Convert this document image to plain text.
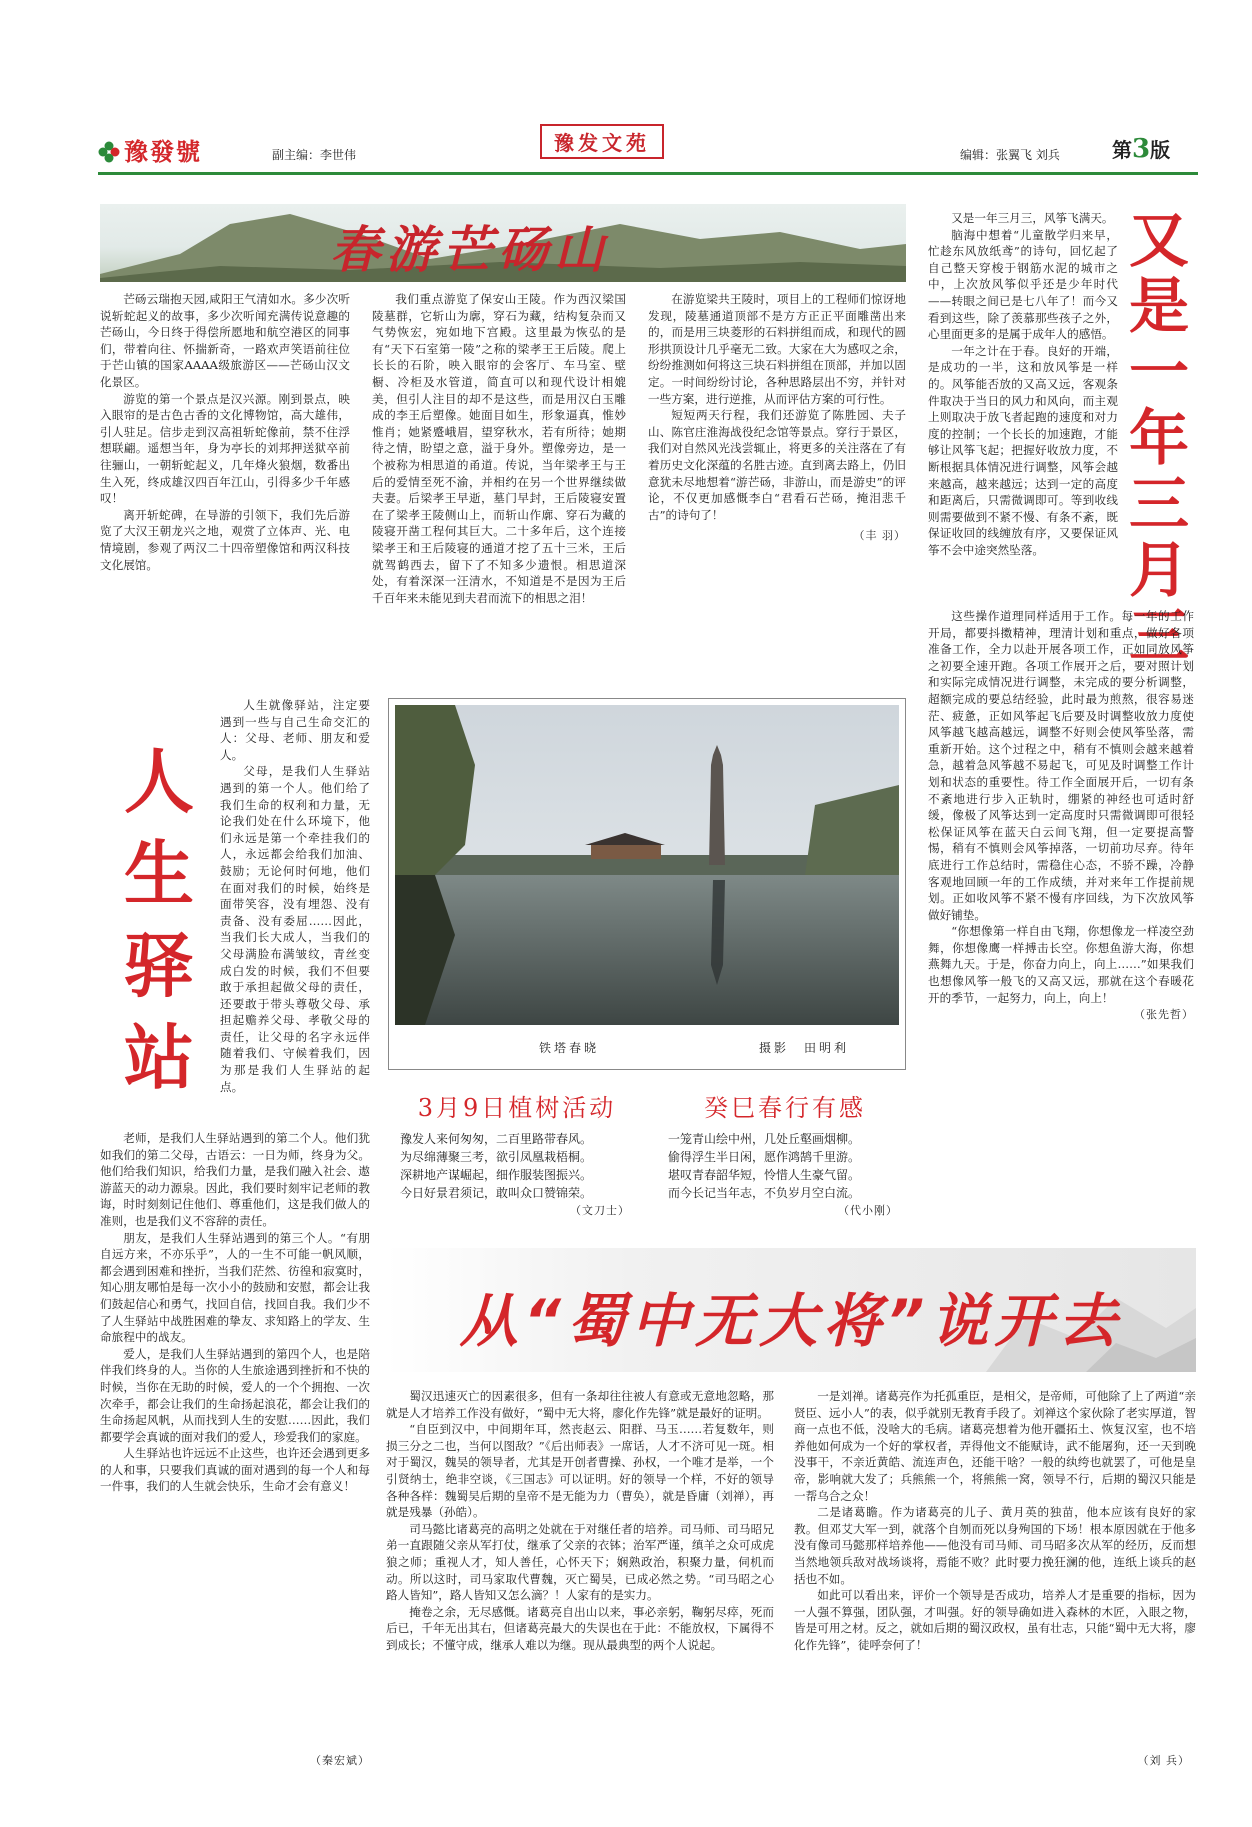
豫發號	副主编：李世伟	豫发文苑	编辑：张翼飞 刘兵	第3版
春游芒砀山

芒砀云瑞抱天园,咸阳王气清如水。多少次听说斩蛇起义的故事，多少次听闻充满传说意趣的芒砀山，今日终于得偿所愿地和航空港区的同事们，带着向往、怀揣新奇，一路欢声笑语前往位于芒山镇的国家AAAA级旅游区——芒砀山汉文化景区。

游览的第一个景点是汉兴源。刚到景点，映入眼帘的是古色古香的文化博物馆，高大雄伟，引人驻足。信步走到汉高祖斩蛇像前，禁不住浮想联翩。遥想当年，身为亭长的刘邦押送狱卒前往骊山，一朝斩蛇起义，几年烽火狼烟，数番出生入死，终成雄汉四百年江山，引得多少千年感叹！

离开斩蛇碑，在导游的引领下，我们先后游览了大汉王朝龙兴之地，观赏了立体声、光、电情境剧，参观了两汉二十四帝塑像馆和两汉科技文化展馆。

我们重点游览了保安山王陵。作为西汉梁国陵墓群，它斩山为廓，穿石为藏，结构复杂而又气势恢宏，宛如地下宫殿。这里最为恢弘的是有“天下石室第一陵”之称的梁孝王王后陵。爬上长长的石阶，映入眼帘的会客厅、车马室、壁橱、冷柜及水管道，简直可以和现代设计相媲美，但引人注目的却不是这些，而是用汉白玉雕成的李王后塑像。她面目如生，形象逼真，惟妙惟肖；她紧蹙峨眉，望穿秋水，若有所待；她期待之情，盼望之意，溢于身外。塑像旁边，是一个被称为相思道的甬道。传说，当年梁孝王与王后的爱情至死不渝，并相约在另一个世界继续做夫妻。后梁孝王早逝，墓门早封，王后陵寝安置在了梁孝王陵侧山上，而斩山作廓、穿石为藏的陵寝开凿工程何其巨大。二十多年后，这个连接梁孝王和王后陵寝的通道才挖了五十三米，王后就驾鹤西去，留下了不知多少遗恨。相思道深处，有着深深一汪清水，不知道是不是因为王后千百年来未能见到夫君而流下的相思之泪！

在游览梁共王陵时，项目上的工程师们惊讶地发现，陵墓通道顶部不是方方正正平面雕凿出来的，而是用三块菱形的石料拼组而成，和现代的圆形拱顶设计几乎毫无二致。大家在大为感叹之余，纷纷推测如何将这三块石料拼组在顶部，并加以固定。一时间纷纷讨论，各种思路层出不穷，并针对一些方案，进行逆推，从而评估方案的可行性。

短短两天行程，我们还游览了陈胜园、夫子山、陈官庄淮海战役纪念馆等景点。穿行于景区，我们对自然风光浅尝辄止，将更多的关注落在了有着历史文化深蕴的名胜古迹。直到离去路上，仍旧意犹未尽地想着“游芒砀，非游山，而是游史”的评论，不仅更加感慨李白“君看石芒砀，掩泪悲千古”的诗句了！

（丰 羽）
又是一年三月三

又是一年三月三，风筝飞满天。

脑海中想着“儿童散学归来早，忙趁东风放纸鸢”的诗句，回忆起了自己整天穿梭于钢筋水泥的城市之中，上次放风筝似乎还是少年时代——转眼之间已是七八年了！而今又看到这些，除了羡慕那些孩子之外，心里面更多的是属于成年人的感悟。

一年之计在于春。良好的开端，是成功的一半，这和放风筝是一样的。风筝能否放的又高又远，客观条件取决于当日的风力和风向，而主观上则取决于放飞者起跑的速度和对力度的控制；一个长长的加速跑，才能够让风筝飞起；把握好收放力度，不断根据具体情况进行调整，风筝会越来越高，越来越远；达到一定的高度和距离后，只需微调即可。等到收线则需要做到不紧不慢、有条不紊，既保证收回的线缠放有序，又要保证风筝不会中途突然坠落。

这些操作道理同样适用于工作。每一年的工作开局，都要抖擞精神，理清计划和重点，做好各项准备工作，全力以赴开展各项工作，正如同放风筝之初要全速开跑。各项工作展开之后，要对照计划和实际完成情况进行调整，未完成的要分析调整，超额完成的要总结经验，此时最为煎熬，很容易迷茫、疲惫，正如风筝起飞后要及时调整收放力度使风筝越飞越高越远，调整不好则会使风筝坠落，需重新开始。这个过程之中，稍有不慎则会越来越着急，越着急风筝越不易起飞，可见及时调整工作计划和状态的重要性。待工作全面展开后，一切有条不紊地进行步入正轨时，绷紧的神经也可适时舒缓，像极了风筝达到一定高度时只需微调即可很轻松保证风筝在蓝天白云间飞翔，但一定要提高警惕，稍有不慎则会风筝掉落，一切前功尽弃。待年底进行工作总结时，需稳住心态，不骄不躁，冷静客观地回顾一年的工作成绩，并对来年工作提前规划。正如收风筝不紧不慢有序回线，为下次放风筝做好铺垫。

“你想像第一样自由飞翔，你想像龙一样凌空劲舞，你想像鹰一样搏击长空。你想鱼游大海，你想燕舞九天。于是，你奋力向上，向上……”如果我们也想像风筝一般飞的又高又远，那就在这个春暖花开的季节，一起努力，向上，向上！

（张先哲）
人生驿站

人生就像驿站，注定要遇到一些与自己生命交汇的人：父母、老师、朋友和爱人。

父母，是我们人生驿站遇到的第一个人。他们给了我们生命的权利和力量，无论我们处在什么环境下，他们永远是第一个牵挂我们的人，永远都会给我们加油、鼓励；无论何时何地，他们在面对我们的时候，始终是面带笑容，没有埋怨、没有责备、没有委屈……因此，当我们长大成人，当我们的父母满脸布满皱纹，青丝变成白发的时候，我们不但要敢于承担起做父母的责任，还要敢于带头尊敬父母、承担起赡养父母、孝敬父母的责任，让父母的名字永远伴随着我们、守候着我们，因为那是我们人生驿站的起点。

老师，是我们人生驿站遇到的第二个人。他们犹如我们的第二父母，古语云：一日为师，终身为父。他们给我们知识，给我们力量，是我们融入社会、遨游蓝天的动力源泉。因此，我们要时刻牢记老师的教诲，时时刻刻记住他们、尊重他们，这是我们做人的准则，也是我们义不容辞的责任。

朋友，是我们人生驿站遇到的第三个人。“有朋自远方来，不亦乐乎”，人的一生不可能一帆风顺，都会遇到困难和挫折，当我们茫然、彷徨和寂寞时，知心朋友哪怕是每一次小小的鼓励和安慰，都会让我们鼓起信心和勇气，找回自信，找回自我。我们少不了人生驿站中战胜困难的挚友、求知路上的学友、生命旅程中的战友。

爱人，是我们人生驿站遇到的第四个人，也是陪伴我们终身的人。当你的人生旅途遇到挫折和不快的时候，当你在无助的时候，爱人的一个个拥抱、一次次牵手，都会让我们的生命扬起浪花，都会让我们的生命扬起风帆，从而找到人生的安慰……因此，我们都要学会真诚的面对我们的爱人，珍爱我们的家庭。

人生驿站也许远远不止这些，也许还会遇到更多的人和事，只要我们真诚的面对遇到的每一个人和每一件事，我们的人生就会快乐，生命才会有意义！

（秦宏斌）
铁塔春晓	摄影　田明利
3月9日植树活动

豫发人来何匆匆，二百里路带春风。

为尽绵薄聚三考，欲引凤凰栽梧桐。

深耕地产谋崛起，细作服装图振兴。

今日好景君须记，敢叫众口赞锦荣。

（文刀士）
癸巳春行有感

一笼青山绘中州，几处丘壑画烟柳。

偷得浮生半日闲，愿作鸿鹄千里游。

堪叹青春韶华短，怜惜人生豪气留。

而今长记当年志，不负岁月空白流。

（代小刚）
从“蜀中无大将”说开去

蜀汉迅速灭亡的因素很多，但有一条却往往被人有意或无意地忽略，那就是人才培养工作没有做好，“蜀中无大将，廖化作先锋”就是最好的证明。

“自臣到汉中，中间期年耳，然丧赵云、阳群、马玉……若复数年，则损三分之二也，当何以图敌？”《后出师表》一席话，人才不济可见一斑。相对于蜀汉，魏吴的领导者，尤其是开创者曹操、孙权，一个唯才是举，一个引贤纳士，绝非空谈，《三国志》可以证明。好的领导一个样，不好的领导各种各样：魏蜀吴后期的皇帝不是无能为力（曹奂），就是昏庸（刘禅），再就是残暴（孙皓）。

司马懿比诸葛亮的高明之处就在于对继任者的培养。司马师、司马昭兄弟一直跟随父亲从军打仗，继承了父亲的衣钵；治军严谨，缜羊之众可成虎狼之师；重视人才，知人善任，心怀天下；娴熟政治，积聚力量，伺机而动。所以这时，司马家取代曹魏，灭亡蜀吴，已成必然之势。“司马昭之心路人皆知”，路人皆知又怎么滴？！人家有的是实力。

掩卷之余，无尽感慨。诸葛亮自出山以来，事必亲躬，鞠躬尽瘁，死而后已，千年无出其右，但诸葛亮最大的失误也在于此：不能放权，下属得不到成长；不懂守成，继承人难以为继。现从最典型的两个人说起。

一是刘禅。诸葛亮作为托孤重臣，是相父，是帝师，可他除了上了两道“亲贤臣、远小人”的表，似乎就别无教育手段了。刘禅这个家伙除了老实厚道，智商一点也不低，没啥大的毛病。诸葛亮想着为他开疆拓土、恢复汉室，也不培养他如何成为一个好的掌权者，弄得他文不能赋诗，武不能屠狗，还一天到晚没事干，不亲近黄皓、流连声色，还能干啥？一般的纨绔也就罢了，可他是皇帝，影响就大发了；兵熊熊一个，将熊熊一窝，领导不行，后期的蜀汉只能是一帮乌合之众！

二是诸葛瞻。作为诸葛亮的儿子、黄月英的独苗，他本应该有良好的家教。但邓艾大军一到，就落个自刎而死以身殉国的下场！根本原因就在于他多没有像司马懿那样培养他——他没有司马师、司马昭多次从军的经历，反而想当然地领兵敌对战场谈将，焉能不败？此时要力挽狂澜的他，连纸上谈兵的赵括也不如。

如此可以看出来，评价一个领导是否成功，培养人才是重要的指标，因为一人强不算强，团队强，才叫强。好的领导确如进入森林的木匠，入眼之物，皆是可用之材。反之，就如后期的蜀汉政权，虽有壮志，只能“蜀中无大将，廖化作先锋”，徒呼奈何了！

（刘 兵）
